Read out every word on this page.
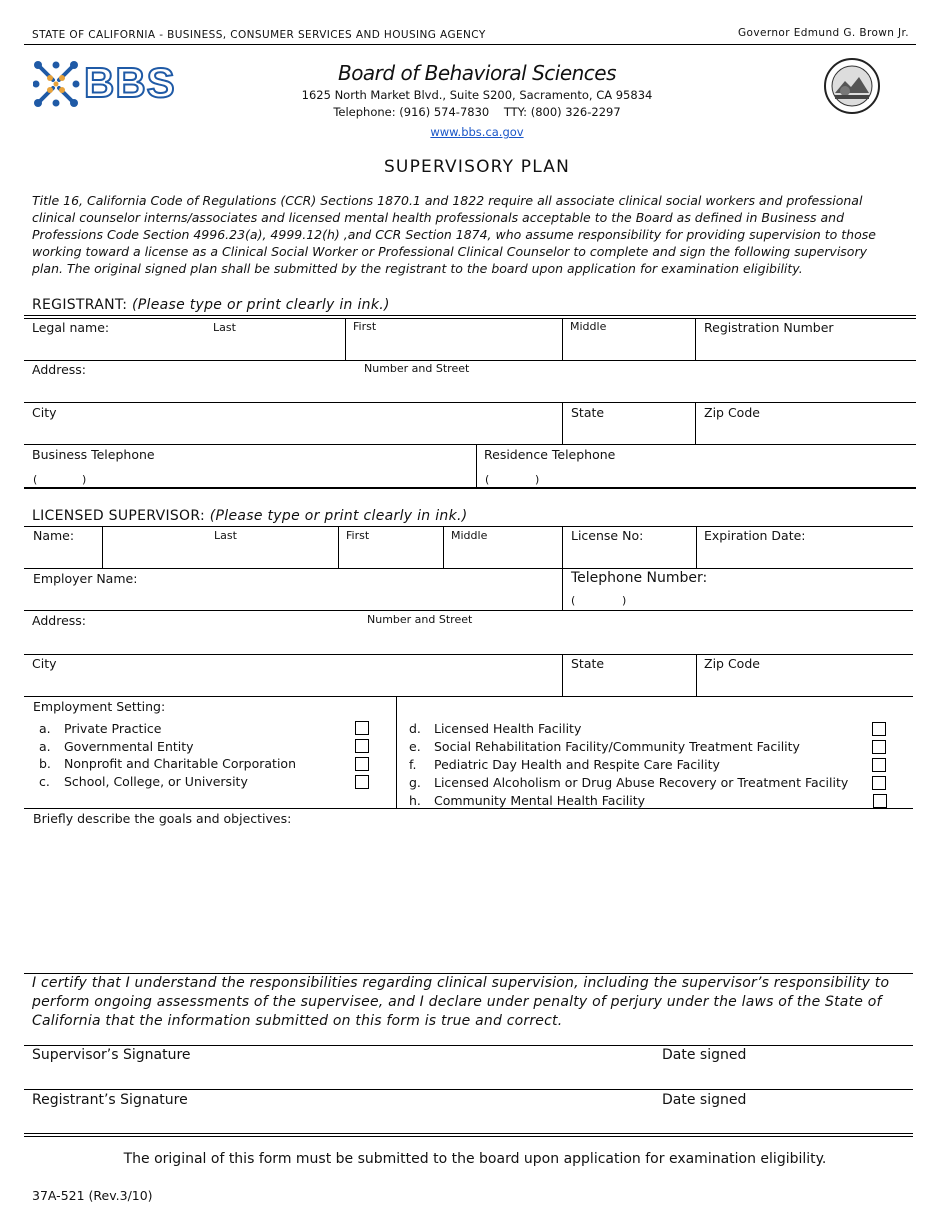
STATE OF CALIFORNIA - BUSINESS, CONSUMER SERVICES AND HOUSING AGENCY	Governor Edmund G. Brown Jr.
BBS	Board of Behavioral Sciences
1625 North Market Blvd., Suite S200, Sacramento, CA 95834
Telephone: (916) 574-7830    TTY: (800) 326-2297
www.bbs.ca.gov
SUPERVISORY PLAN
Title 16, California Code of Regulations (CCR) Sections 1870.1 and 1822 require all associate clinical social workers and professional clinical counselor interns/associates and licensed mental health professionals acceptable to the Board as defined in Business and Professions Code Section 4996.23(a), 4999.12(h) ,and CCR Section 1874, who assume responsibility for providing supervision to those working toward a license as a Clinical Social Worker or Professional Clinical Counselor to complete and sign the following supervisory plan. The original signed plan shall be submitted by the registrant to the board upon application for examination eligibility.
REGISTRANT: (Please type or print clearly in ink.)
Legal name:	Last	First	Middle	Registration Number
Address:	Number and Street
City	State	Zip Code
Business Telephone
(	)
Residence Telephone
(	)
LICENSED SUPERVISOR: (Please type or print clearly in ink.)
Name:	Last	First	Middle	License No:	Expiration Date:
Employer Name:	Telephone Number:
(	)
Address:	Number and Street
City	State	Zip Code
Employment Setting:
a. Private Practice
a. Governmental Entity
b. Nonprofit and Charitable Corporation
c. School, College, or University
d. Licensed Health Facility
e. Social Rehabilitation Facility/Community Treatment Facility
f. Pediatric Day Health and Respite Care Facility
g. Licensed Alcoholism or Drug Abuse Recovery or Treatment Facility
h. Community Mental Health Facility
Briefly describe the goals and objectives:
I certify that I understand the responsibilities regarding clinical supervision, including the supervisor’s responsibility to perform ongoing assessments of the supervisee, and I declare under penalty of perjury under the laws of the State of California that the information submitted on this form is true and correct.
Supervisor’s Signature	Date signed
Registrant’s Signature	Date signed
The original of this form must be submitted to the board upon application for examination eligibility.
37A-521 (Rev.3/10)
